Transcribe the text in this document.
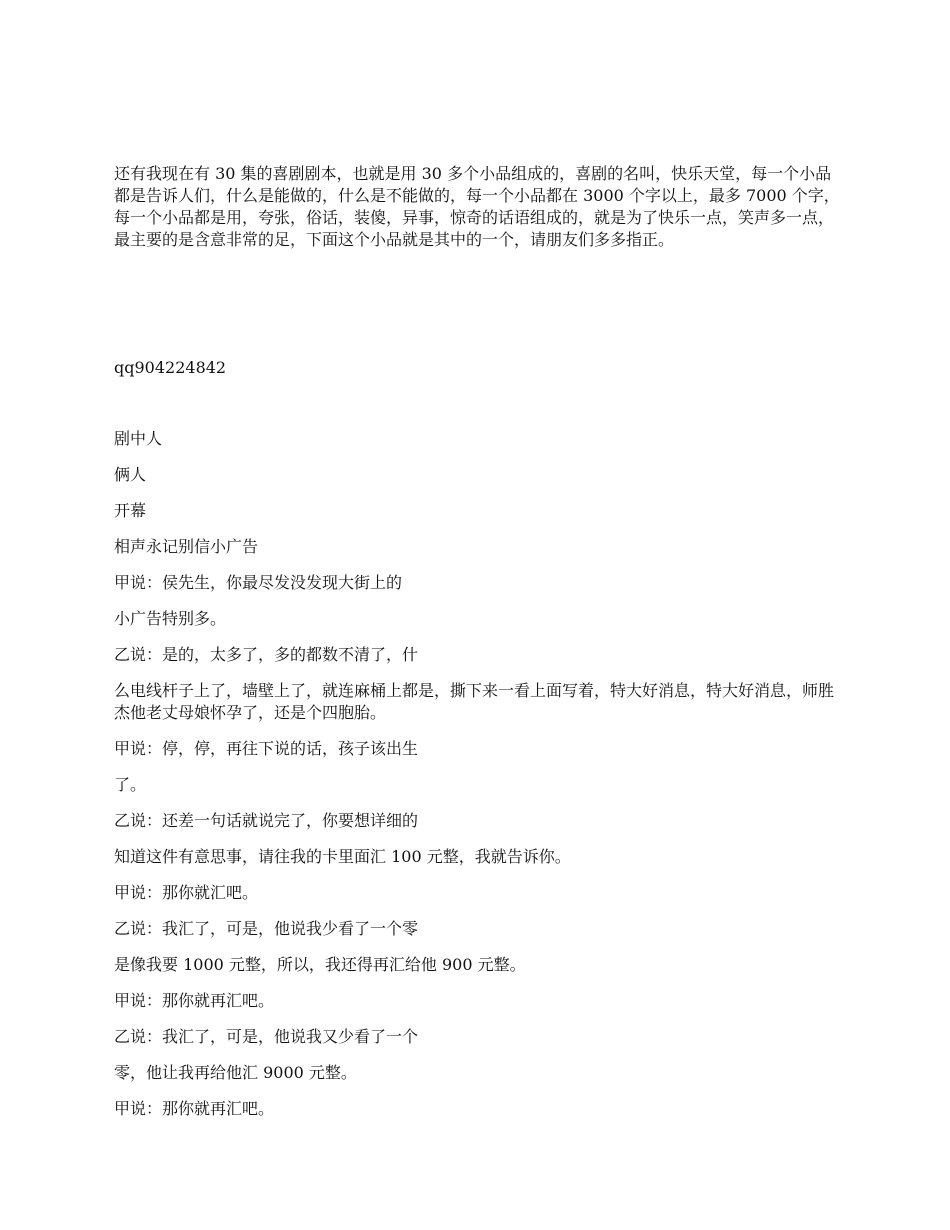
还有我现在有 30 集的喜剧剧本，也就是用 30 多个小品组成的，喜剧的名叫，快乐天堂，每一个小品都是告诉人们，什么是能做的，什么是不能做的，每一个小品都在 3000 个字以上，最多 7000 个字，每一个小品都是用，夸张，俗话，装傻，异事，惊奇的话语组成的，就是为了快乐一点，笑声多一点，最主要的是含意非常的足，下面这个小品就是其中的一个，请朋友们多多指正。

qq904224842

剧中人

俩人

开幕

相声永记别信小广告

甲说：侯先生，你最尽发没发现大街上的

小广告特别多。

乙说：是的，太多了，多的都数不清了，什

么电线杆子上了，墙壁上了，就连麻桶上都是，撕下来一看上面写着，特大好消息，特大好消息，师胜杰他老丈母娘怀孕了，还是个四胞胎。

甲说：停，停，再往下说的话，孩子该出生

了。

乙说：还差一句话就说完了，你要想详细的

知道这件有意思事，请往我的卡里面汇 100 元整，我就告诉你。

甲说：那你就汇吧。

乙说：我汇了，可是，他说我少看了一个零

是像我要 1000 元整，所以，我还得再汇给他 900 元整。

甲说：那你就再汇吧。

乙说：我汇了，可是，他说我又少看了一个

零，他让我再给他汇 9000 元整。

甲说：那你就再汇吧。
